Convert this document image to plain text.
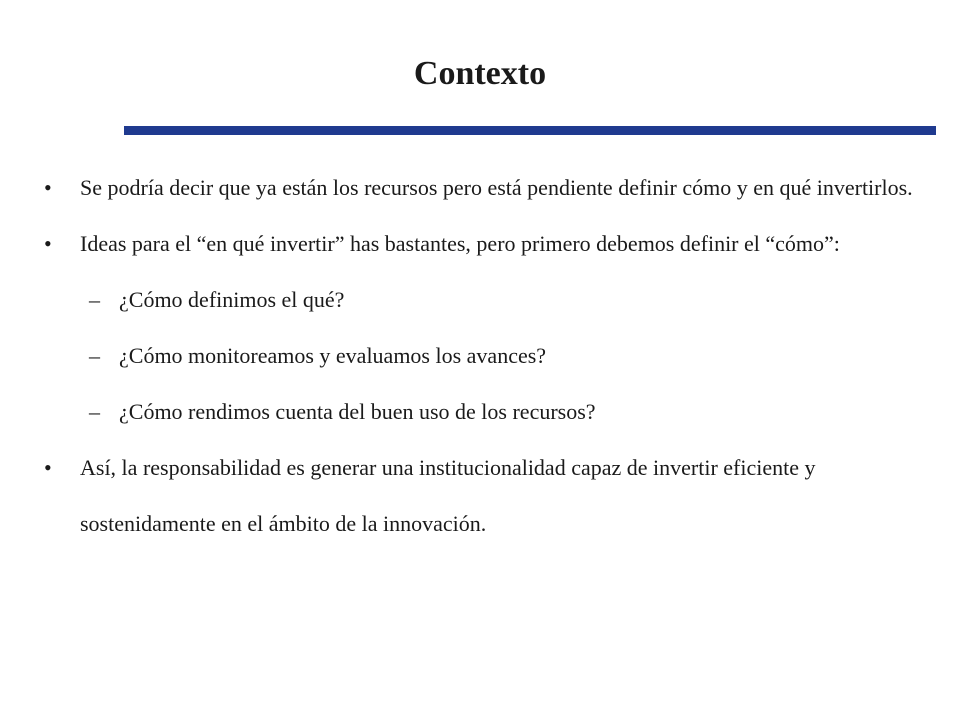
Contexto
•	Se podría decir que ya están los recursos pero está pendiente definir cómo y en qué invertirlos.
•	Ideas para el “en qué invertir” has bastantes, pero primero debemos definir el “cómo”:
– ¿Cómo definimos el qué?
– ¿Cómo monitoreamos y evaluamos los avances?
– ¿Cómo rendimos cuenta del buen uso de los recursos?
•	Así, la responsabilidad es generar una institucionalidad capaz de invertir eficiente y sostenidamente en el ámbito de la innovación.
